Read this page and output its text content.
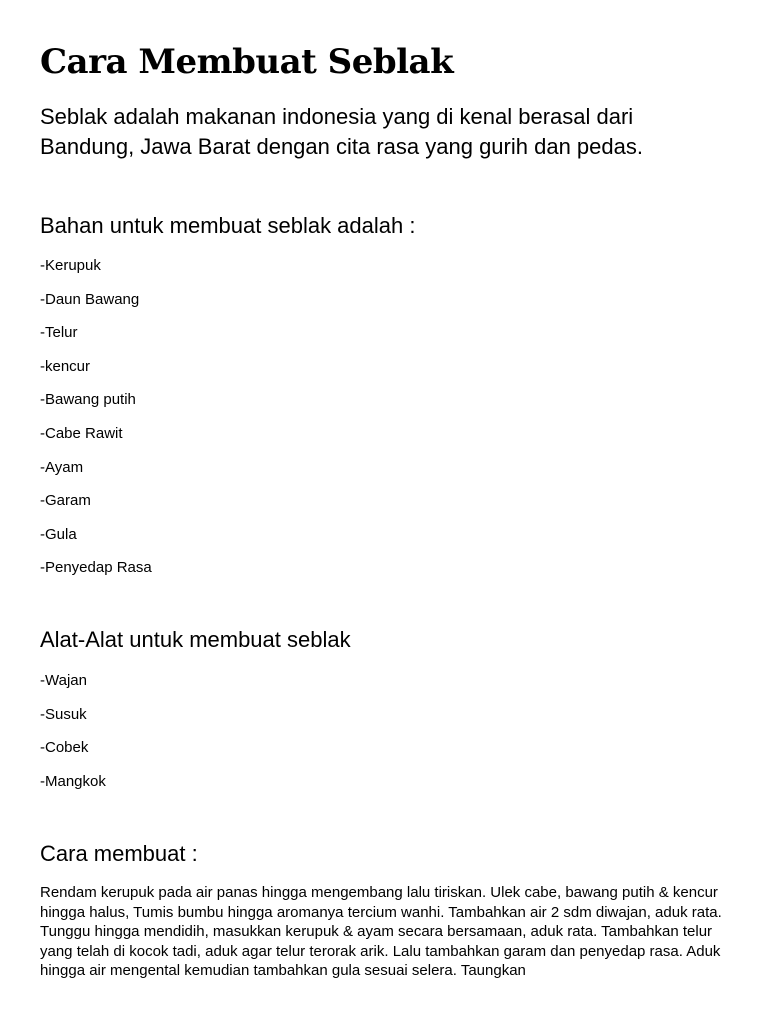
Cara Membuat Seblak

Seblak adalah makanan indonesia yang di kenal berasal dari Bandung, Jawa Barat dengan cita rasa yang gurih dan pedas.

Bahan untuk membuat seblak adalah :
-Kerupuk
-Daun Bawang
-Telur
-kencur
-Bawang putih
-Cabe Rawit
-Ayam
-Garam
-Gula
-Penyedap Rasa
Alat-Alat untuk membuat seblak
-Wajan
-Susuk
-Cobek
-Mangkok
Cara membuat :

Rendam kerupuk pada air panas hingga mengembang lalu tiriskan. Ulek cabe, bawang putih & kencur hingga halus, Tumis bumbu hingga aromanya tercium wanhi. Tambahkan air 2 sdm diwajan, aduk rata. Tunggu hingga mendidih, masukkan kerupuk & ayam secara bersamaan, aduk rata. Tambahkan telur yang telah di kocok tadi, aduk agar telur terorak arik. Lalu tambahkan garam dan penyedap rasa. Aduk hingga air mengental kemudian tambahkan gula sesuai selera. Taungkan
